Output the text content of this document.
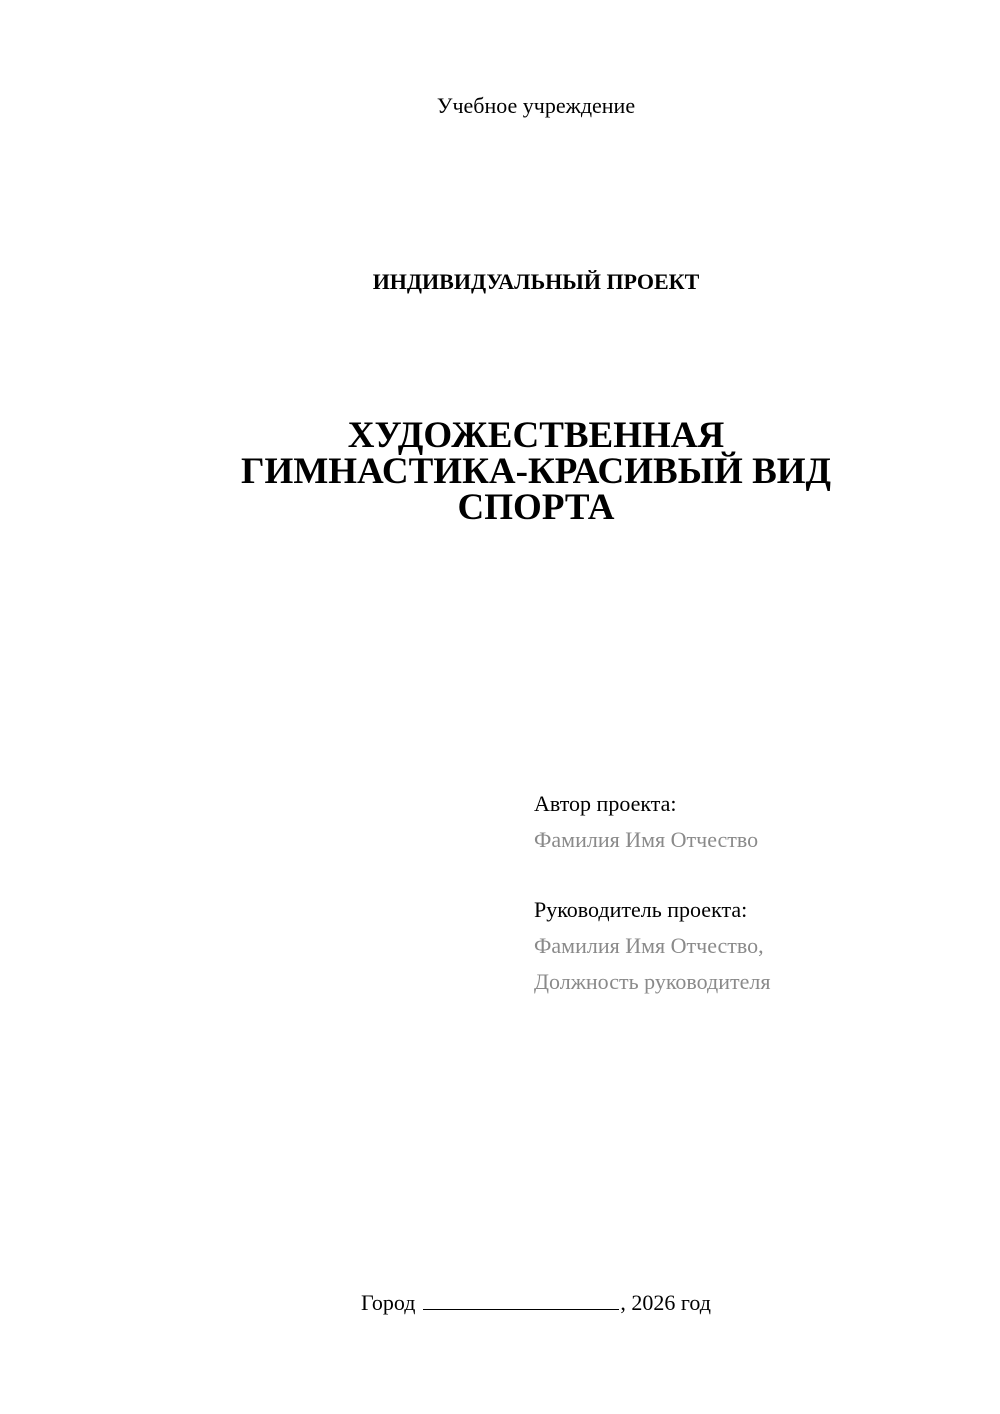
Учебное учреждение
ИНДИВИДУАЛЬНЫЙ ПРОЕКТ
ХУДОЖЕСТВЕННАЯ
ГИМНАСТИКА-КРАСИВЫЙ ВИД
СПОРТА
Автор проекта:
Фамилия Имя Отчество
Руководитель проекта:
Фамилия Имя Отчество,
Должность руководителя
Город	, 2026 год
